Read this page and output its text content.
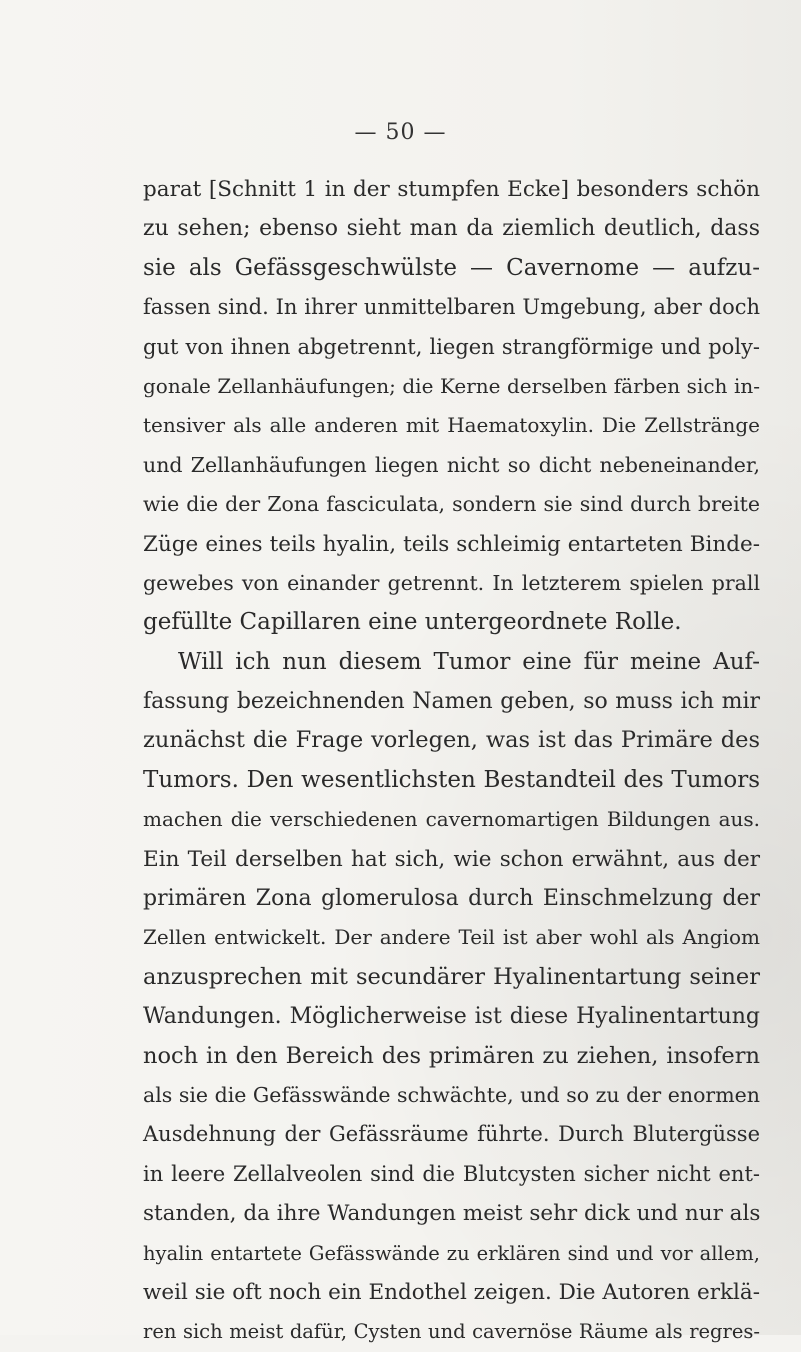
— 50 —
parat [Schnitt 1 in der stumpfen Ecke] besonders schön
zu sehen; ebenso sieht man da ziemlich deutlich, dass
sie als Gefässgeschwülste — Cavernome — aufzu-
fassen sind. In ihrer unmittelbaren Umgebung, aber doch
gut von ihnen abgetrennt, liegen strangförmige und poly-
gonale Zellanhäufungen; die Kerne derselben färben sich in-
tensiver als alle anderen mit Haematoxylin. Die Zellstränge
und Zellanhäufungen liegen nicht so dicht nebeneinander,
wie die der Zona fasciculata, sondern sie sind durch breite
Züge eines teils hyalin, teils schleimig entarteten Binde-
gewebes von einander getrennt. In letzterem spielen prall
gefüllte Capillaren eine untergeordnete Rolle.
Will ich nun diesem Tumor eine für meine Auf-
fassung bezeichnenden Namen geben, so muss ich mir
zunächst die Frage vorlegen, was ist das Primäre des
Tumors. Den wesentlichsten Bestandteil des Tumors
machen die verschiedenen cavernomartigen Bildungen aus.
Ein Teil derselben hat sich, wie schon erwähnt, aus der
primären Zona glomerulosa durch Einschmelzung der
Zellen entwickelt. Der andere Teil ist aber wohl als Angiom
anzusprechen mit secundärer Hyalinentartung seiner
Wandungen. Möglicherweise ist diese Hyalinentartung
noch in den Bereich des primären zu ziehen, insofern
als sie die Gefässwände schwächte, und so zu der enormen
Ausdehnung der Gefässräume führte. Durch Blutergüsse
in leere Zellalveolen sind die Blutcysten sicher nicht ent-
standen, da ihre Wandungen meist sehr dick und nur als
hyalin entartete Gefässwände zu erklären sind und vor allem,
weil sie oft noch ein Endothel zeigen. Die Autoren erklä-
ren sich meist dafür, Cysten und cavernöse Räume als regres-
